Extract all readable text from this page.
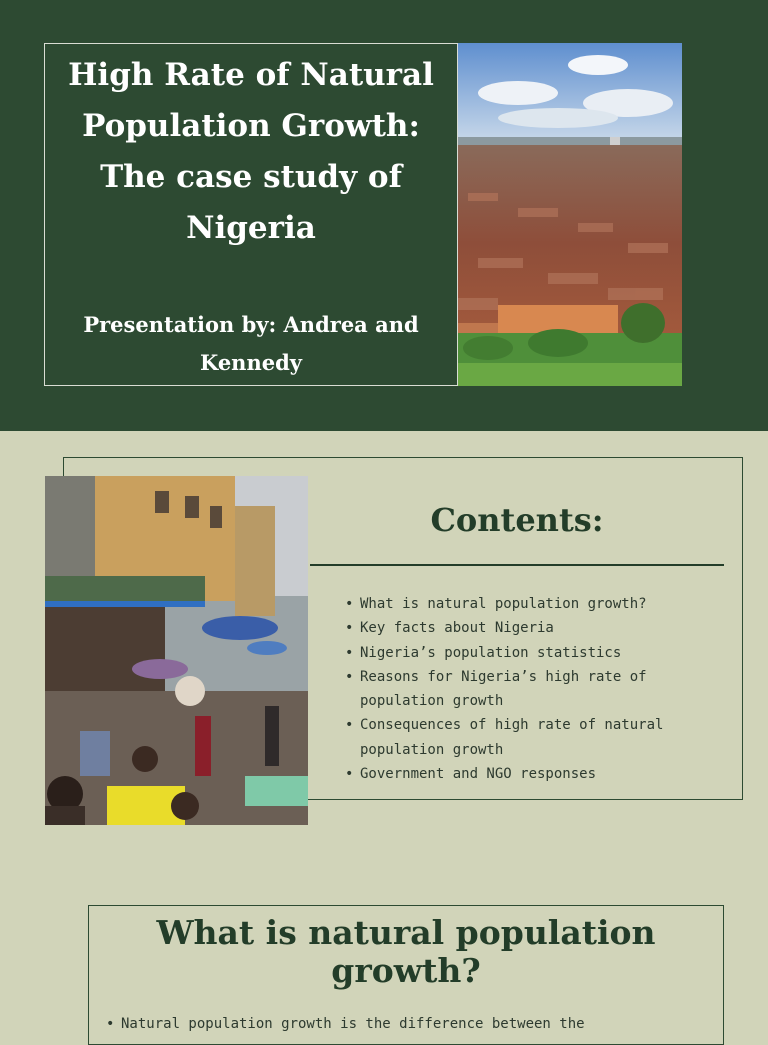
High Rate of Natural Population Growth: The case study of Nigeria

Presentation by: Andrea and Kennedy

Contents:
• What is natural population growth?
• Key facts about Nigeria
• Nigeria’s population statistics
• Reasons for Nigeria’s high rate of population growth
• Consequences of high rate of natural population growth
• Government and NGO responses
What is natural population growth?
• Natural population growth is the difference between the
